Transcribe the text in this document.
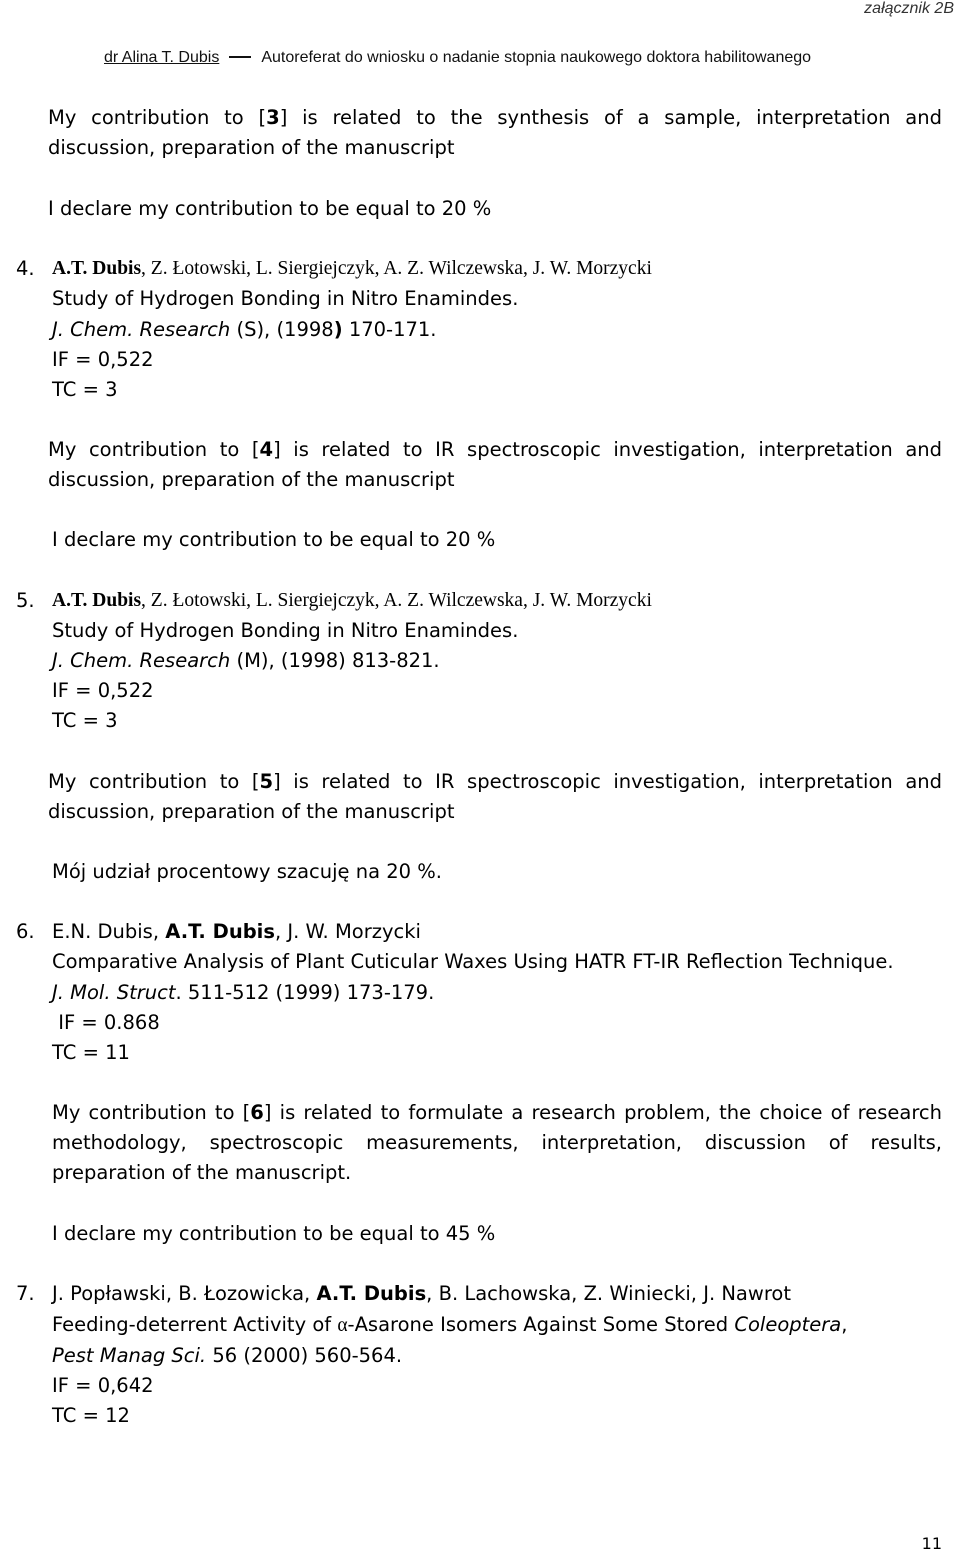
załącznik 2B
dr Alina T. Dubis	Autoreferat do wniosku o nadanie stopnia naukowego doktora habilitowanego
My contribution to [3] is related to the synthesis of a sample, interpretation and
discussion, preparation of the manuscript
I declare my contribution to be equal to 20 %
4. A.T. Dubis, Z. Łotowski, L. Siergiejczyk, A. Z. Wilczewska, J. W. Morzycki
Study of Hydrogen Bonding in Nitro Enamindes.
J. Chem. Research (S), (1998) 170-171.
IF = 0,522
TC = 3
My contribution to [4] is related to IR spectroscopic investigation, interpretation and
discussion, preparation of the manuscript
I declare my contribution to be equal to 20 %
5. A.T. Dubis, Z. Łotowski, L. Siergiejczyk, A. Z. Wilczewska, J. W. Morzycki
Study of Hydrogen Bonding in Nitro Enamindes.
J. Chem. Research (M), (1998) 813-821.
IF = 0,522
TC = 3
My contribution to [5] is related to IR spectroscopic investigation, interpretation and
discussion, preparation of the manuscript
Mój udział procentowy szacuję na 20 %.
6. E.N. Dubis, A.T. Dubis, J. W. Morzycki
Comparative Analysis of Plant Cuticular Waxes Using HATR FT-IR Reflection Technique.
J. Mol. Struct. 511-512 (1999) 173-179.
IF = 0.868
TC = 11
My contribution to [6] is related to formulate a research problem, the choice of research
methodology, spectroscopic measurements, interpretation, discussion of results,
preparation of the manuscript.
I declare my contribution to be equal to 45 %
7. J. Popławski, B. Łozowicka, A.T. Dubis, B. Lachowska, Z. Winiecki, J. Nawrot
Feeding-deterrent Activity of α-Asarone Isomers Against Some Stored Coleoptera,
Pest Manag Sci. 56 (2000) 560-564.
IF = 0,642
TC = 12
11
